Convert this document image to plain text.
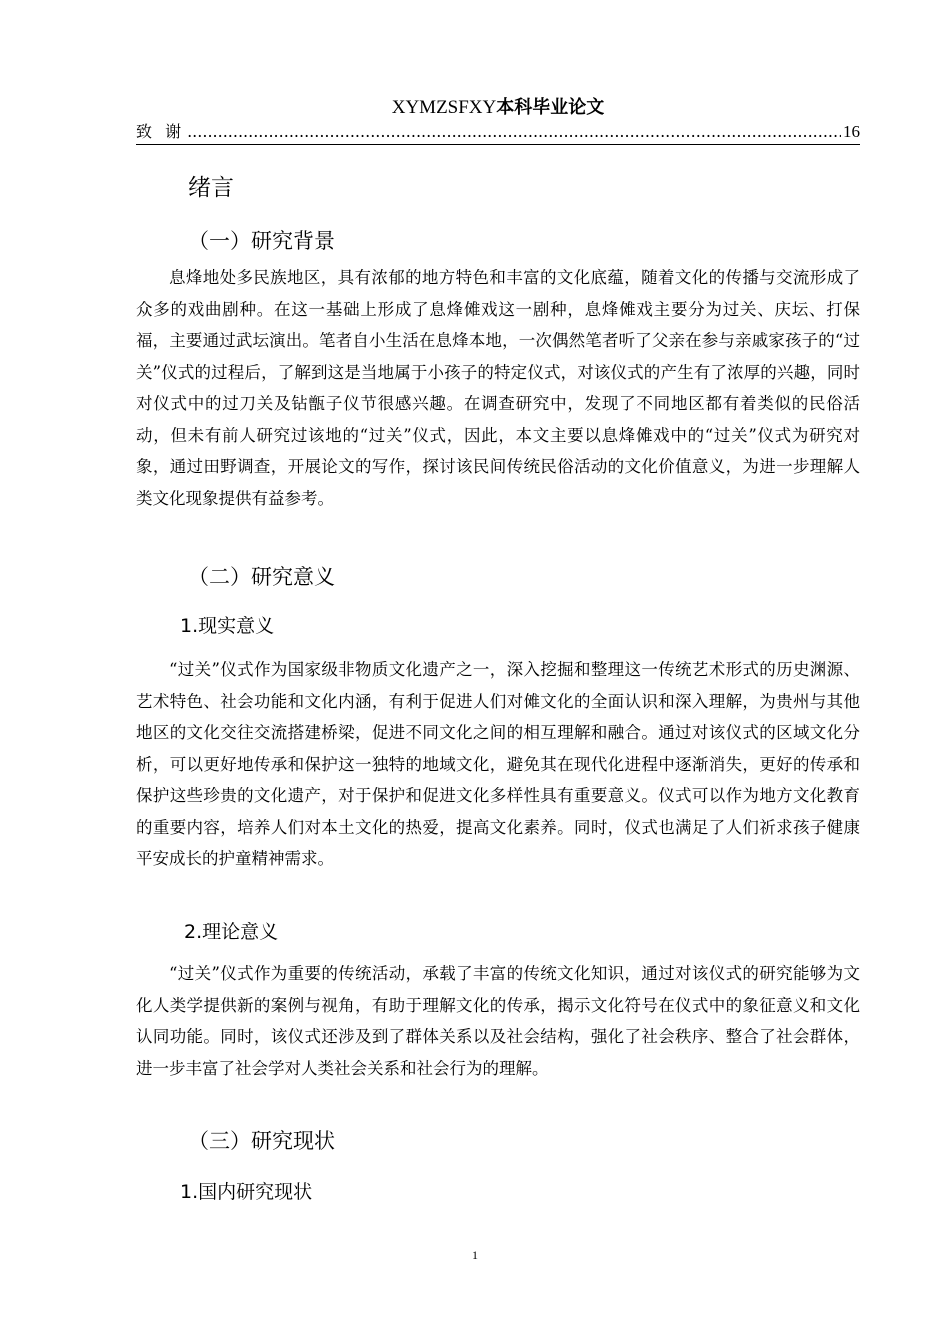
XYMZSFXY本科毕业论文
致 谢
.....	16
绪言
（一）研究背景

息烽地处多民族地区，具有浓郁的地方特色和丰富的文化底蕴，随着文化的传播与交流形成了众多的戏曲剧种。在这一基础上形成了息烽傩戏这一剧种，息烽傩戏主要分为过关、庆坛、打保福，主要通过武坛演出。笔者自小生活在息烽本地，一次偶然笔者听了父亲在参与亲戚家孩子的“过关”仪式的过程后，了解到这是当地属于小孩子的特定仪式，对该仪式的产生有了浓厚的兴趣，同时对仪式中的过刀关及钻甑子仪节很感兴趣。在调查研究中，发现了不同地区都有着类似的民俗活动，但未有前人研究过该地的“过关”仪式，因此，本文主要以息烽傩戏中的“过关”仪式为研究对象，通过田野调查，开展论文的写作，探讨该民间传统民俗活动的文化价值意义，为进一步理解人类文化现象提供有益参考。

（二）研究意义
1.现实意义

“过关”仪式作为国家级非物质文化遗产之一，深入挖掘和整理这一传统艺术形式的历史渊源、艺术特色、社会功能和文化内涵，有利于促进人们对傩文化的全面认识和深入理解，为贵州与其他地区的文化交往交流搭建桥梁，促进不同文化之间的相互理解和融合。通过对该仪式的区域文化分析，可以更好地传承和保护这一独特的地域文化，避免其在现代化进程中逐渐消失，更好的传承和保护这些珍贵的文化遗产，对于保护和促进文化多样性具有重要意义。仪式可以作为地方文化教育的重要内容，培养人们对本土文化的热爱，提高文化素养。同时，仪式也满足了人们祈求孩子健康平安成长的护童精神需求。

2.理论意义

“过关”仪式作为重要的传统活动，承载了丰富的传统文化知识，通过对该仪式的研究能够为文化人类学提供新的案例与视角，有助于理解文化的传承，揭示文化符号在仪式中的象征意义和文化认同功能。同时，该仪式还涉及到了群体关系以及社会结构，强化了社会秩序、整合了社会群体，进一步丰富了社会学对人类社会关系和社会行为的理解。

（三）研究现状
1.国内研究现状
1
